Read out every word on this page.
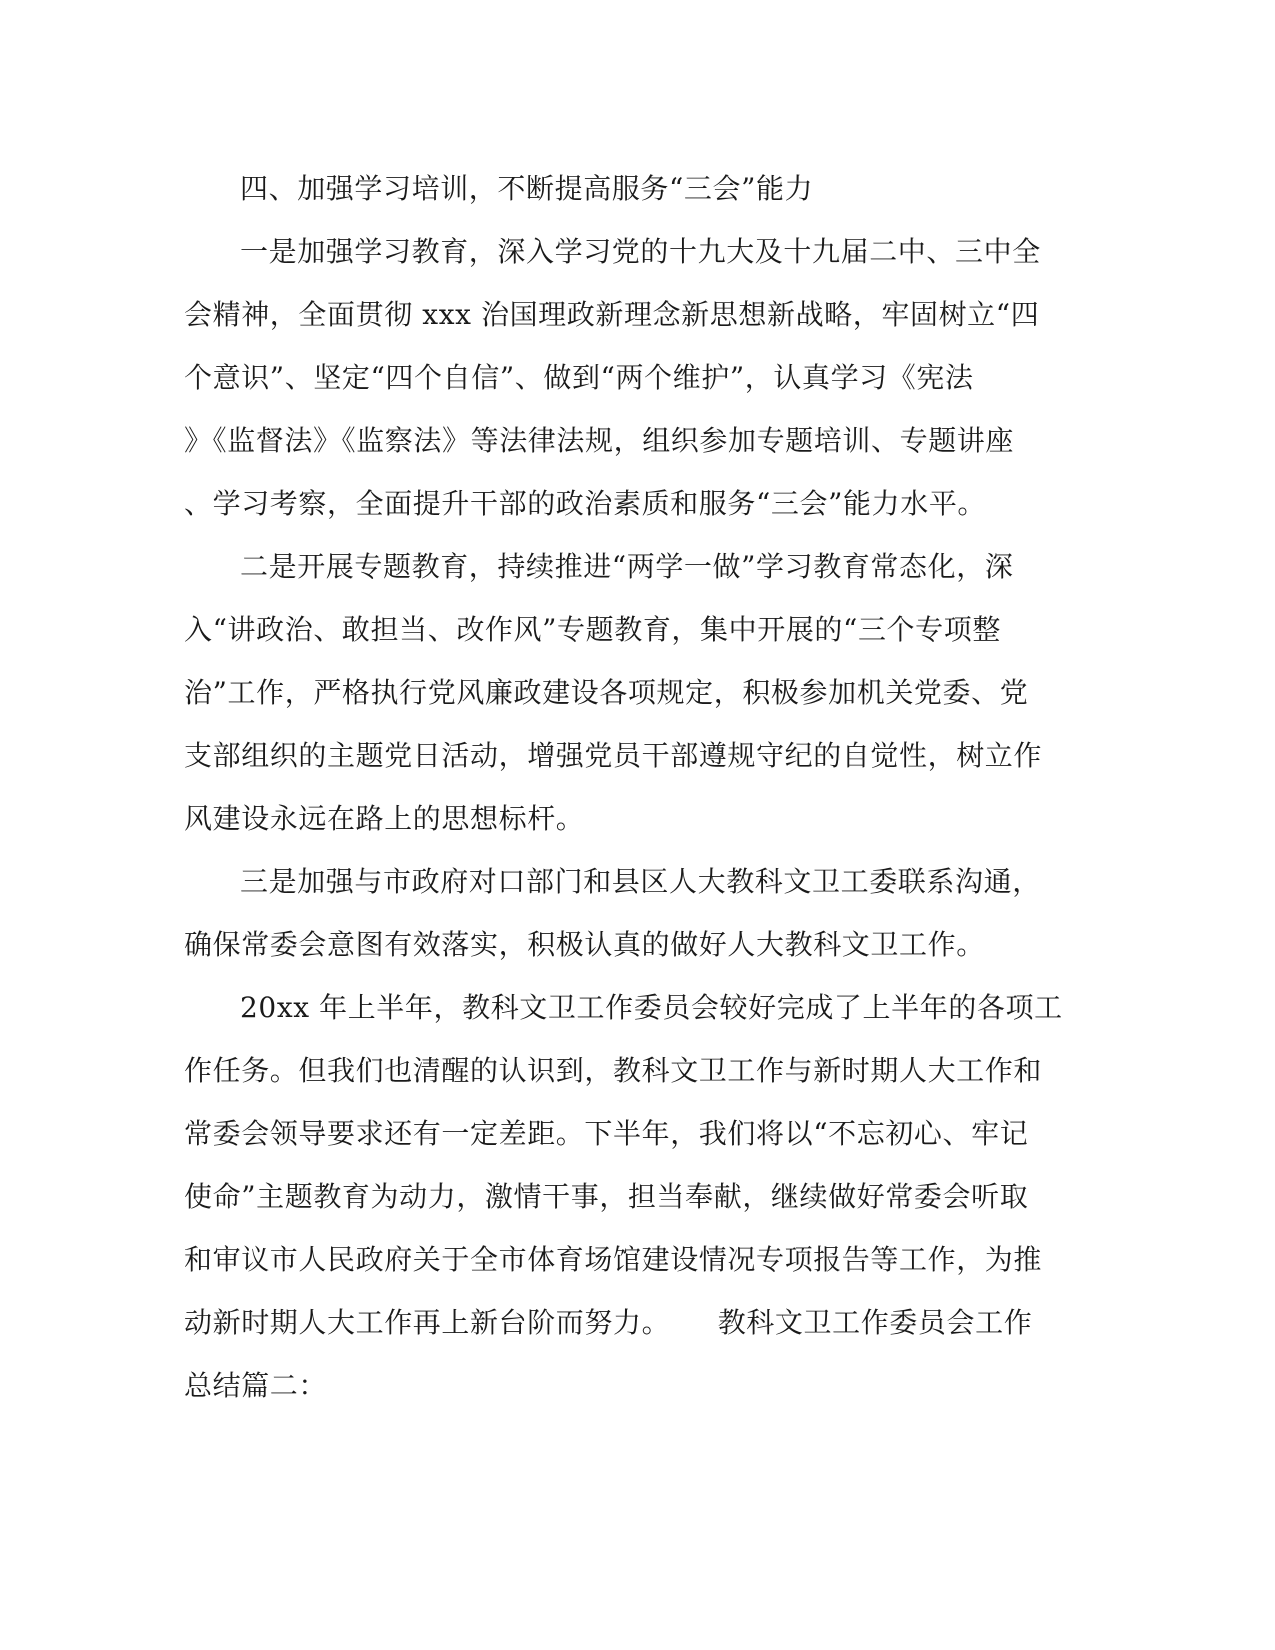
四、加强学习培训，不断提高服务“三会”能力
一是加强学习教育，深入学习党的十九大及十九届二中、三中全
会精神，全面贯彻 xxx 治国理政新理念新思想新战略，牢固树立“四
个意识”、坚定“四个自信”、做到“两个维护”，认真学习《宪法
》《监督法》《监察法》等法律法规，组织参加专题培训、专题讲座
、学习考察，全面提升干部的政治素质和服务“三会”能力水平。
二是开展专题教育，持续推进“两学一做”学习教育常态化，深
入“讲政治、敢担当、改作风”专题教育，集中开展的“三个专项整
治”工作，严格执行党风廉政建设各项规定，积极参加机关党委、党
支部组织的主题党日活动，增强党员干部遵规守纪的自觉性，树立作
风建设永远在路上的思想标杆。
三是加强与市政府对口部门和县区人大教科文卫工委联系沟通，
确保常委会意图有效落实，积极认真的做好人大教科文卫工作。
20xx 年上半年，教科文卫工作委员会较好完成了上半年的各项工
作任务。但我们也清醒的认识到，教科文卫工作与新时期人大工作和
常委会领导要求还有一定差距。下半年，我们将以“不忘初心、牢记
使命”主题教育为动力，激情干事，担当奉献，继续做好常委会听取
和审议市人民政府关于全市体育场馆建设情况专项报告等工作，为推
动新时期人大工作再上新台阶而努力。     教科文卫工作委员会工作
总结篇二：
